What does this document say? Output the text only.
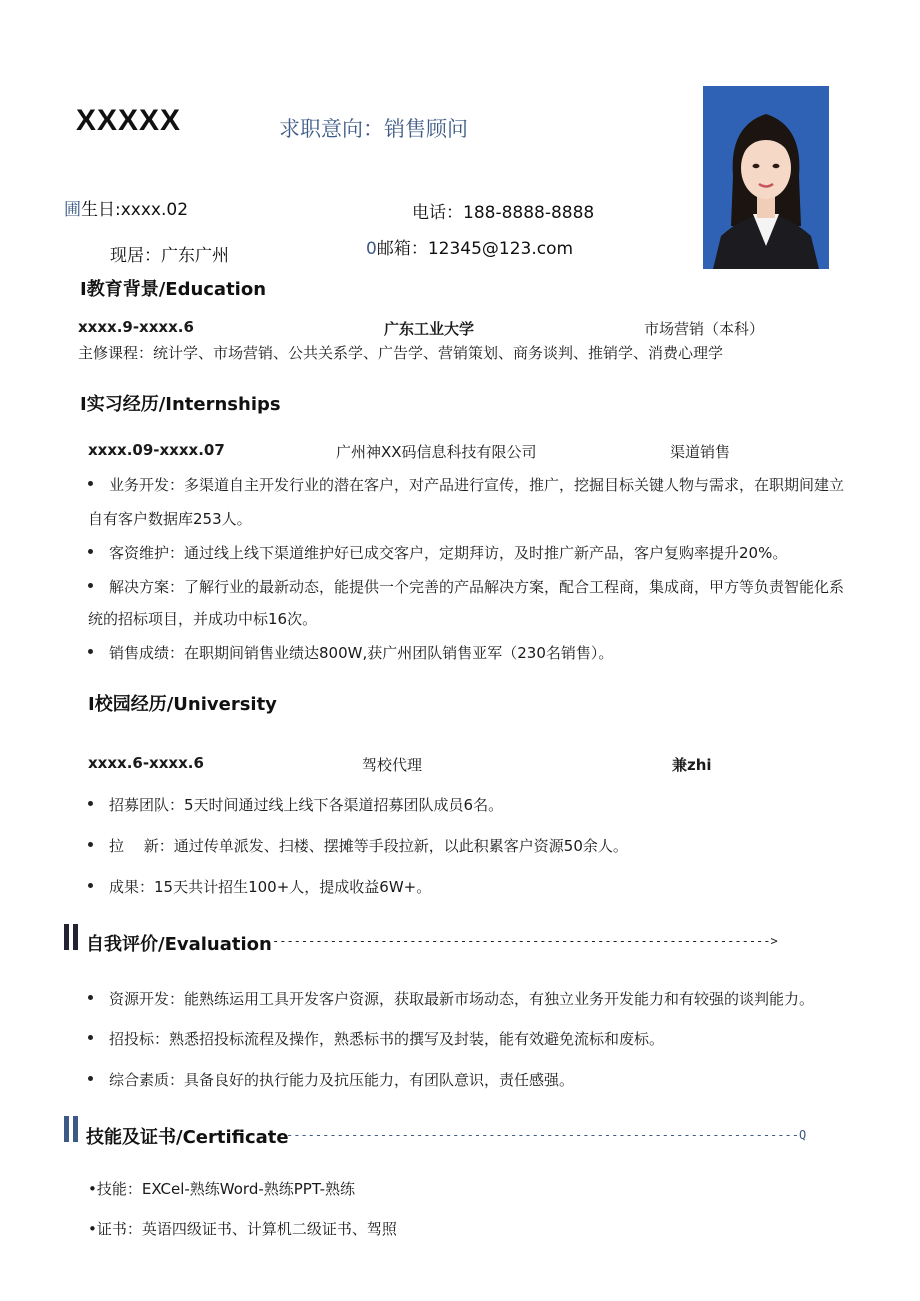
XXXXX	求职意向：销售顾问
圃生日:xxxx.02	电话：188-8888-8888
现居：广东广州	0邮箱：12345@123.com
I教育背景/Education
xxxx.9-xxxx.6	广东工业大学	市场营销（本科）
主修课程：统计学、市场营销、公共关系学、广告学、营销策划、商务谈判、推销学、消费心理学
I实习经历/Internships
xxxx.09-xxxx.07	广州神XX码信息科技有限公司	渠道销售
业务开发：多渠道自主开发行业的潜在客户，对产品进行宣传，推广，挖掘目标关键人物与需求，在职期间建立
自有客户数据库253人。
客资维护：通过线上线下渠道维护好已成交客户，定期拜访，及时推广新产品，客户复购率提升20%。
解决方案：了解行业的最新动态，能提供一个完善的产品解决方案，配合工程商，集成商，甲方等负责智能化系
统的招标项目，并成功中标16次。
销售成绩：在职期间销售业绩达800W,获广州团队销售亚军（230名销售）。
I校园经历/University
xxxx.6-xxxx.6	驾校代理	兼zhi
招募团队：5天时间通过线上线下各渠道招募团队成员6名。
拉　 新：通过传单派发、扫楼、摆摊等手段拉新，以此积累客户资源50余人。
成果：15天共计招生100+人，提成收益6W+。
自我评价/Evaluation --------------------------------------------------------------------->
资源开发：能熟练运用工具开发客户资源，获取最新市场动态，有独立业务开发能力和有较强的谈判能力。
招投标：熟悉招投标流程及操作，熟悉标书的撰写及封装，能有效避免流标和废标。
综合素质：具备良好的执行能力及抗压能力，有团队意识，责任感强。
技能及证书/Certificate
-----------------------------------------------------------------------Q
•技能：EXCel-熟练Word-熟练PPT-熟练
•证书：英语四级证书、计算机二级证书、驾照
